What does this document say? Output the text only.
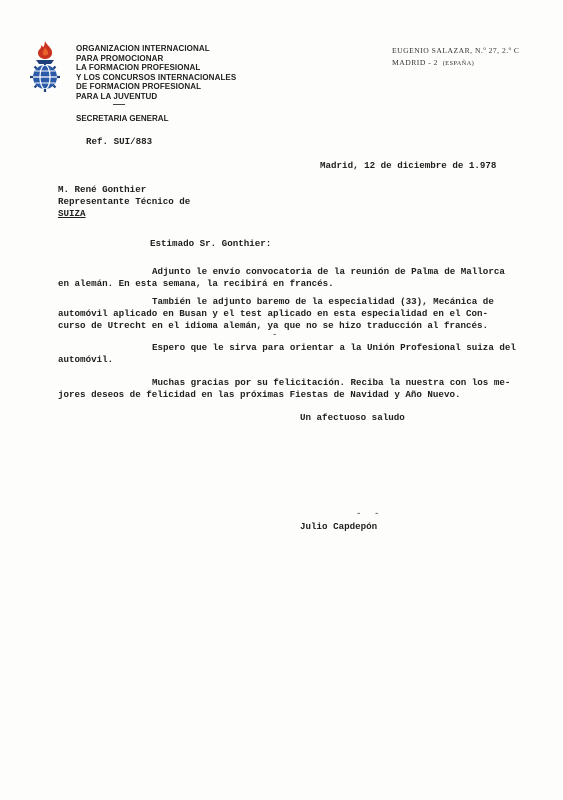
ORGANIZACION INTERNACIONAL
PARA PROMOCIONAR
LA FORMACION PROFESIONAL
Y LOS CONCURSOS INTERNACIONALES
DE FORMACION PROFESIONAL
PARA LA JUVENTUD
SECRETARIA GENERAL
EUGENIO SALAZAR, N.º 27, 2.º C
MADRID - 2 (ESPAÑA)
Ref. SUI/883
Madrid, 12 de diciembre de 1.978
M. René Gonthier
Representante Técnico de
SUIZA
Estimado Sr. Gonthier:
Adjunto le envío convocatoria de la reunión de Palma de Mallorca
en alemán. En esta semana, la recibirá en francés.
También le adjunto baremo de la especialidad (33), Mecánica de
automóvil aplicado en Busan y el test aplicado en esta especialidad en el Con-
curso de Utrecht en el idioma alemán, ya que no se hizo traducción al francés.
-
Espero que le sirva para orientar a la Unión Profesional suiza del
automóvil.
Muchas gracias por su felicitación. Reciba la nuestra con los me-
jores deseos de felicidad en las próximas Fiestas de Navidad y Año Nuevo.
Un afectuoso saludo
- -
Julio Capdepón
